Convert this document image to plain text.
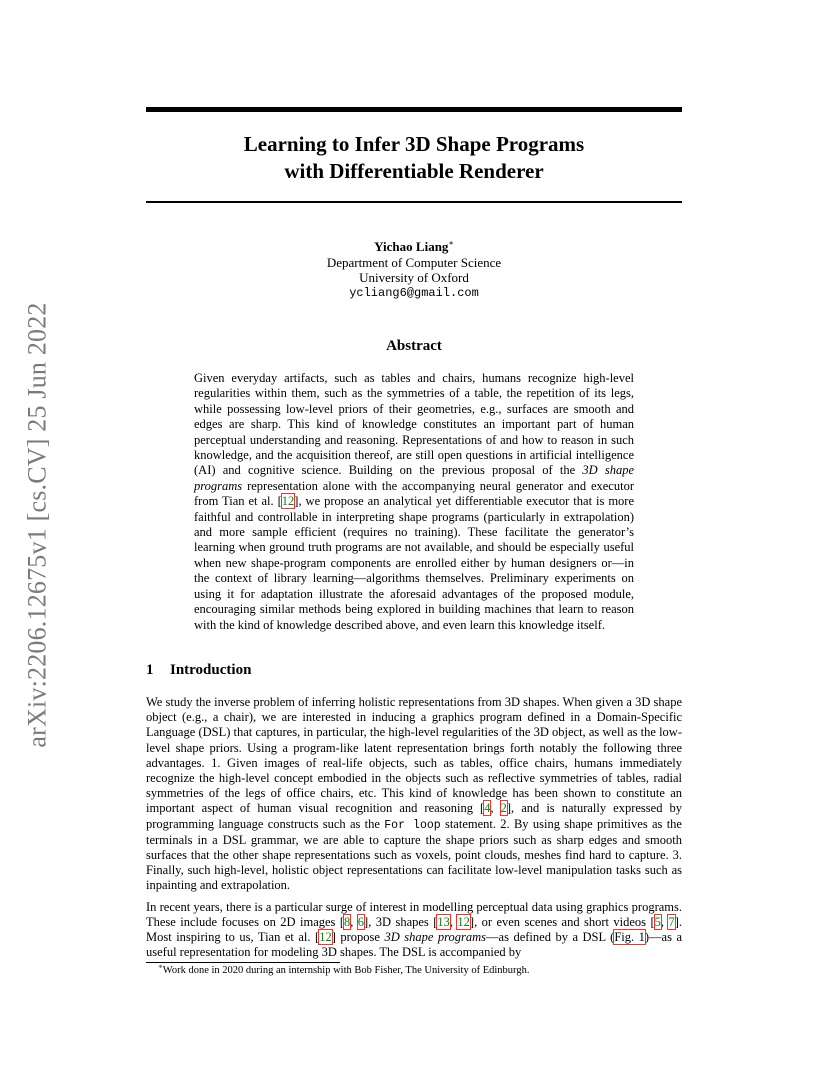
arXiv:2206.12675v1 [cs.CV] 25 Jun 2022
Learning to Infer 3D Shape Programs
with Differentiable Renderer
Yichao Liang∗
Department of Computer Science
University of Oxford
ycliang6@gmail.com
Abstract
Given everyday artifacts, such as tables and chairs, humans recognize high-level regularities within them, such as the symmetries of a table, the repetition of its legs, while possessing low-level priors of their geometries, e.g., surfaces are smooth and edges are sharp. This kind of knowledge constitutes an important part of human perceptual understanding and reasoning. Representations of and how to reason in such knowledge, and the acquisition thereof, are still open questions in artificial intelligence (AI) and cognitive science. Building on the previous proposal of the 3D shape programs representation alone with the accompanying neural generator and executor from Tian et al. [12], we propose an analytical yet differentiable executor that is more faithful and controllable in interpreting shape programs (particularly in extrapolation) and more sample efficient (requires no training). These facilitate the generator’s learning when ground truth programs are not available, and should be especially useful when new shape-program components are enrolled either by human designers or—in the context of library learning—algorithms themselves. Preliminary experiments on using it for adaptation illustrate the aforesaid advantages of the proposed module, encouraging similar methods being explored in building machines that learn to reason with the kind of knowledge described above, and even learn this knowledge itself.
1 Introduction

We study the inverse problem of inferring holistic representations from 3D shapes. When given a 3D shape object (e.g., a chair), we are interested in inducing a graphics program defined in a Domain-Specific Language (DSL) that captures, in particular, the high-level regularities of the 3D object, as well as the low-level shape priors. Using a program-like latent representation brings forth notably the following three advantages. 1. Given images of real-life objects, such as tables, office chairs, humans immediately recognize the high-level concept embodied in the objects such as reflective symmetries of tables, radial symmetries of the legs of office chairs, etc. This kind of knowledge has been shown to constitute an important aspect of human visual recognition and reasoning [4, 2], and is naturally expressed by programming language constructs such as the For loop statement. 2. By using shape primitives as the terminals in a DSL grammar, we are able to capture the shape priors such as sharp edges and smooth surfaces that the other shape representations such as voxels, point clouds, meshes find hard to capture. 3. Finally, such high-level, holistic object representations can facilitate low-level manipulation tasks such as inpainting and extrapolation.

In recent years, there is a particular surge of interest in modelling perceptual data using graphics programs. These include focuses on 2D images [8, 6], 3D shapes [13, 12], or even scenes and short videos [5, 7]. Most inspiring to us, Tian et al. [12] propose 3D shape programs—as defined by a DSL (Fig. 1)—as a useful representation for modeling 3D shapes. The DSL is accompanied by

∗Work done in 2020 during an internship with Bob Fisher, The University of Edinburgh.
